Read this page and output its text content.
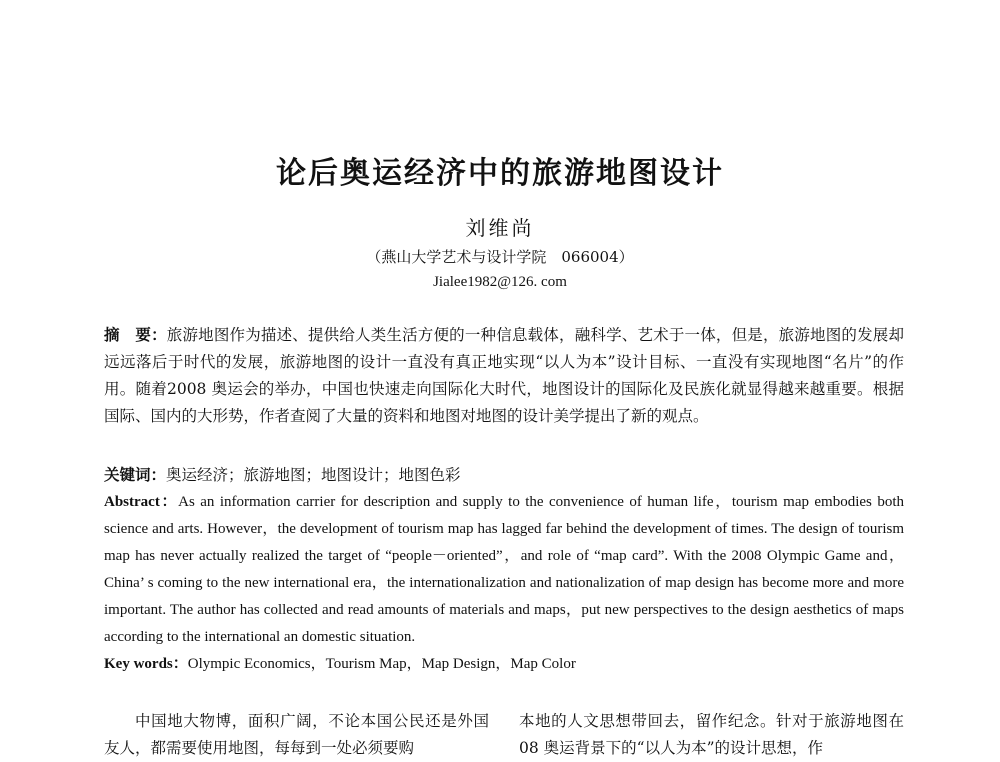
论后奥运经济中的旅游地图设计
刘维尚
（燕山大学艺术与设计学院　066004）
Jialee1982@126. com
摘　要：旅游地图作为描述、提供给人类生活方便的一种信息载体，融科学、艺术于一体，但是，旅游地图的发展却远远落后于时代的发展，旅游地图的设计一直没有真正地实现“以人为本”设计目标、一直没有实现地图“名片”的作用。随着2008 奥运会的举办，中国也快速走向国际化大时代，地图设计的国际化及民族化就显得越来越重要。根据国际、国内的大形势，作者查阅了大量的资料和地图对地图的设计美学提出了新的观点。
关键词：奥运经济；旅游地图；地图设计；地图色彩
Abstract：As an information carrier for description and supply to the convenience of human life，tourism map embodies both science and arts. However，the development of tourism map has lagged far behind the development of times. The design of tourism map has never actually realized the target of “people－oriented”，and role of “map card”. With the 2008 Olympic Game and，China’ s coming to the new international era，the internationalization and nationalization of map design has become more and more important. The author has collected and read amounts of materials and maps，put new perspectives to the design aesthetics of maps according to the international an domestic situation.
Key words：Olympic Economics，Tourism Map，Map Design，Map Color
中国地大物博，面积广阔，不论本国公民还是外国友人，都需要使用地图，每每到一处必须要购
本地的人文思想带回去，留作纪念。针对于旅游地图在08 奥运背景下的“以人为本”的设计思想，作
